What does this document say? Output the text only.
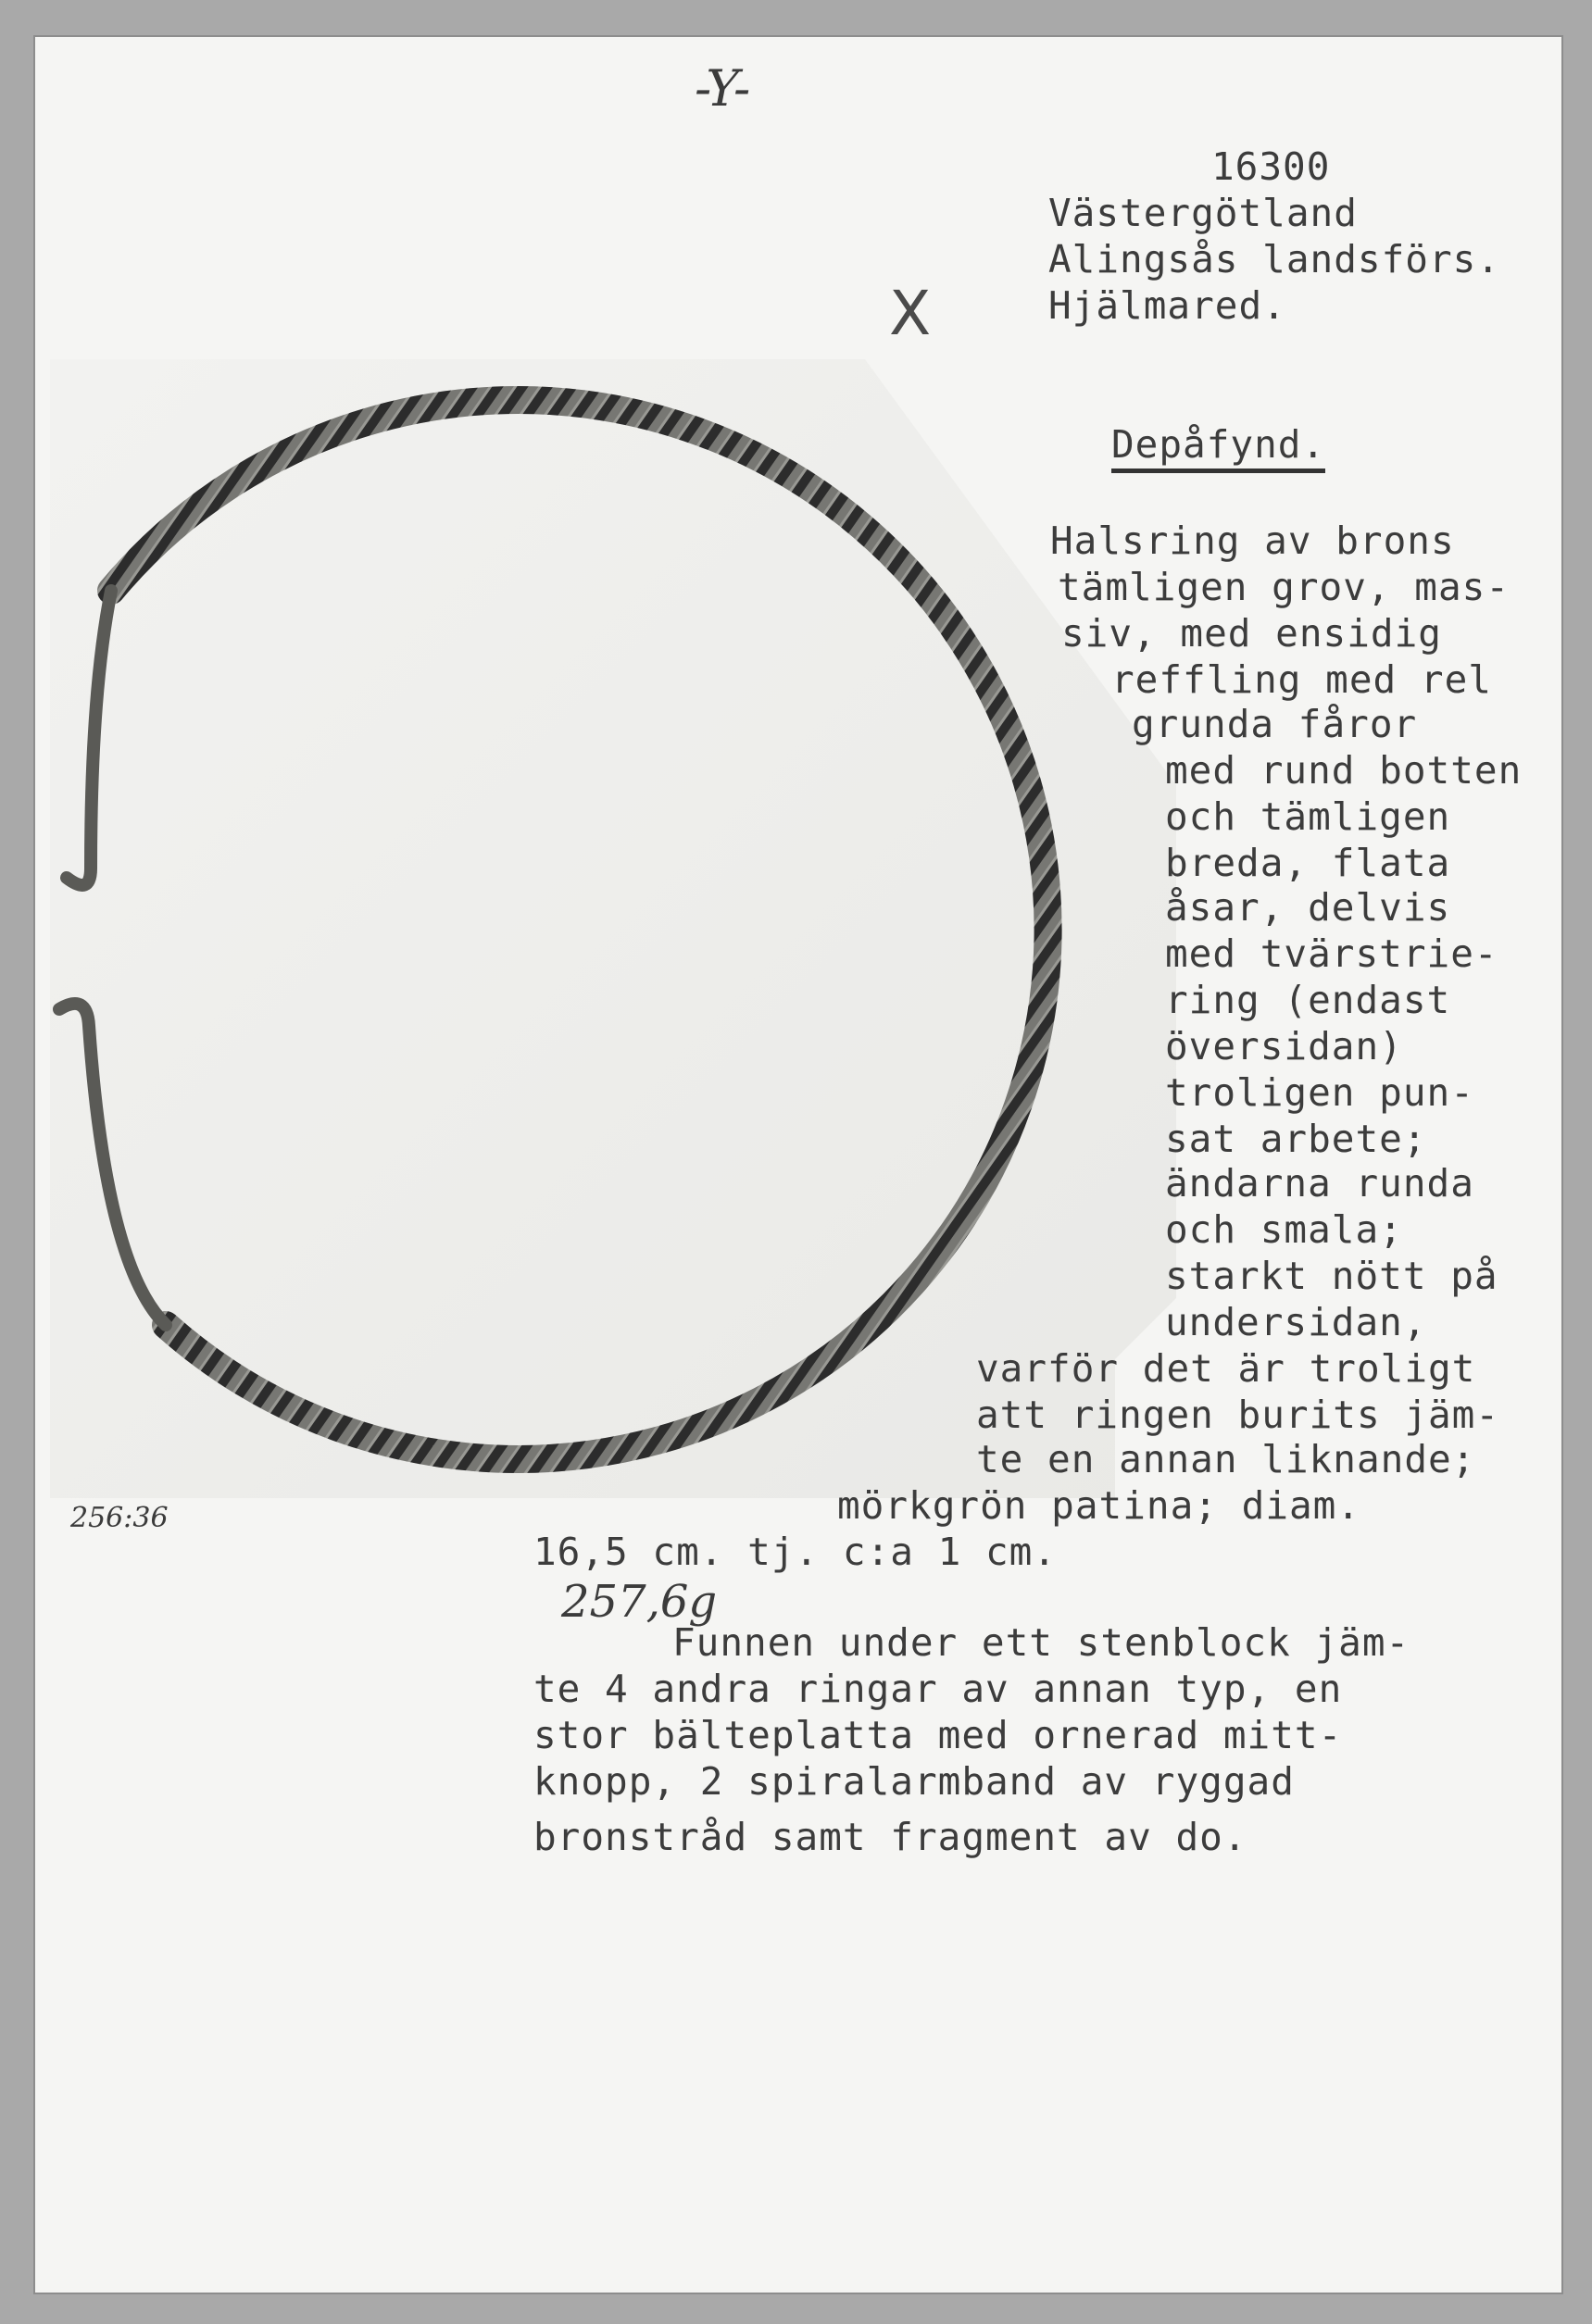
-Y-
X
16300
Västergötland
Alingsås landsförs.
Hjälmared.
Depåfynd.
256:36
Halsring av brons
tämligen grov, mas-
siv, med ensidig
reffling med rel
grunda fåror
med rund botten
och tämligen
breda, flata
åsar, delvis
med tvärstrie-
ring (endast
översidan)
troligen pun-
sat arbete;
ändarna runda
och smala;
starkt nött på
undersidan,
varför det är troligt
att ringen burits jäm-
te en annan liknande;
mörkgrön patina; diam.
16,5 cm. tj. c:a 1 cm.
257,6g
Funnen under ett stenblock jäm-
te 4 andra ringar av annan typ, en
stor bälteplatta med ornerad mitt-
knopp, 2 spiralarmband av ryggad
bronstråd samt fragment av do.
